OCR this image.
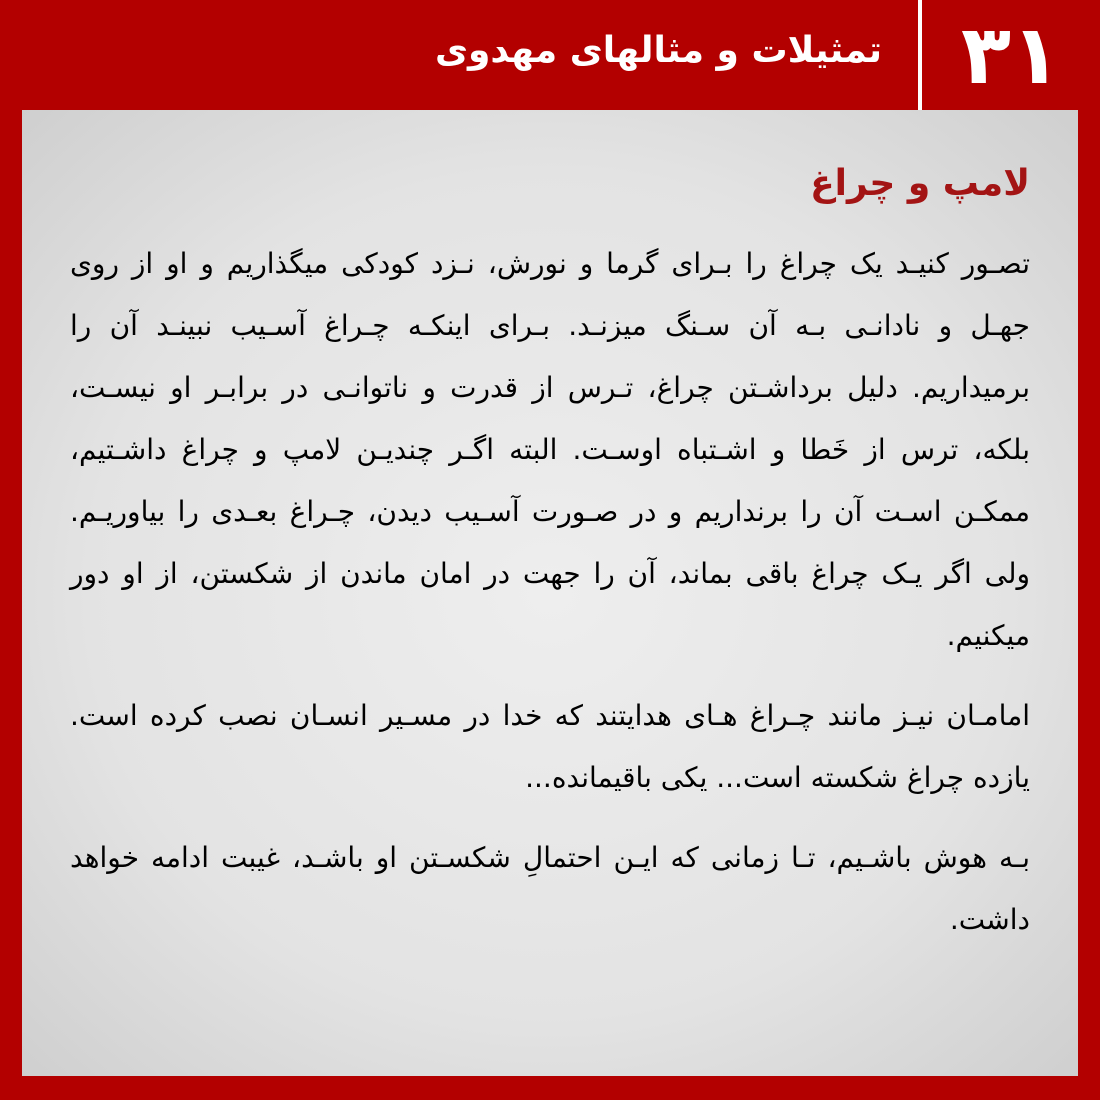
۳۱
تمثیلات و مثالهای مهدوی
لامپ و چراغ

تصـور کنیـد یک چراغ را بـرای گرما و نورش، نـزد کودکی میگذاریم و او از روی جهـل و نادانـی بـه آن سـنگ میزنـد. بـرای اینکـه چـراغ آسـیب نبینـد آن را برمیداریم. دلیل برداشـتن چراغ، تـرس از قدرت و ناتوانـی در برابـر او نیسـت، بلکه، ترس از خَطا و اشـتباه اوسـت. البته اگـر چندیـن لامپ و چراغ داشـتیم، ممکـن اسـت آن را برنداریم و در صـورت آسـیب دیدن، چـراغ بعـدی را بیاوریـم. ولی اگر یـک چراغ باقی بماند، آن را جهت در امان ماندن از شکستن، از او دور میکنیم.

امامـان نیـز مانند چـراغ هـای هدایتند که خدا در مسـیر انسـان نصب کرده است. یازده چراغ شکسته است... یکی باقیمانده...

بـه هوش باشـیم، تـا زمانی که ایـن احتمالِ شکسـتن او باشـد، غیبت ادامه خواهد داشت.
